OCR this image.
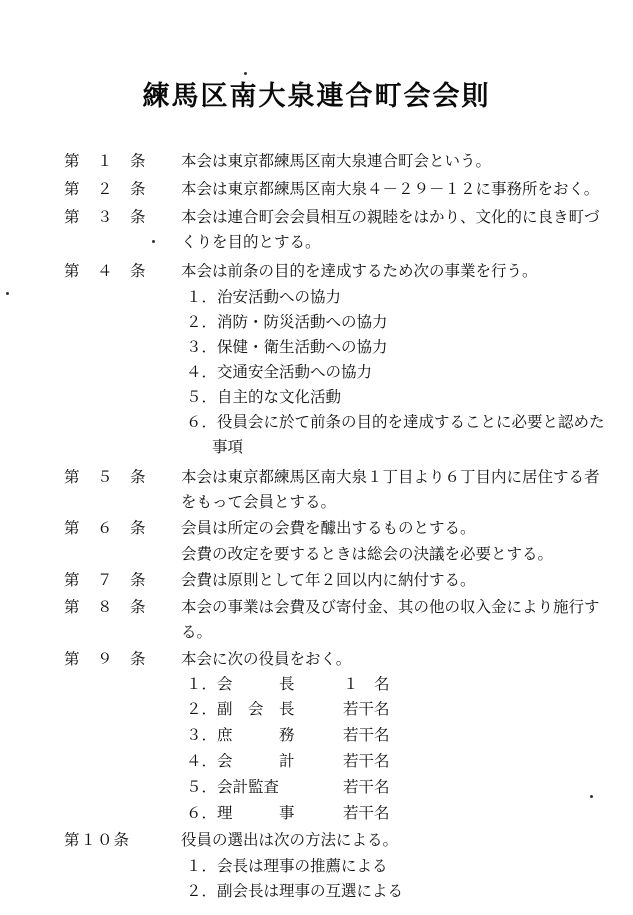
練馬区南大泉連合町会会則
第　１　条	本会は東京都練馬区南大泉連合町会という。
第　２　条	本会は東京都練馬区南大泉４－２９－１２に事務所をおく。
第　３　条	本会は連合町会会員相互の親睦をはかり、文化的に良き町づ
くりを目的とする。
第　４　条	本会は前条の目的を達成するため次の事業を行う。
１．治安活動への協力
２．消防・防災活動への協力
３．保健・衛生活動への協力
４．交通安全活動への協力
５．自主的な文化活動
６．役員会に於て前条の目的を達成することに必要と認めた
事項
第　５　条	本会は東京都練馬区南大泉１丁目より６丁目内に居住する者
をもって会員とする。
第　６　条	会員は所定の会費を醵出するものとする。
会費の改定を要するときは総会の決議を必要とする。
第　７　条	会費は原則として年２回以内に納付する。
第　８　条	本会の事業は会費及び寄付金、其の他の収入金により施行す
る。
第　９　条	本会に次の役員をおく。
１．会　　　長	１　名
２．副　会　長	若干名
３．庶　　　務	若干名
４．会　　　計	若干名
５．会計監査	若干名
６．理　　　事	若干名
第１０条	役員の選出は次の方法による。
１．会長は理事の推薦による
２．副会長は理事の互選による
